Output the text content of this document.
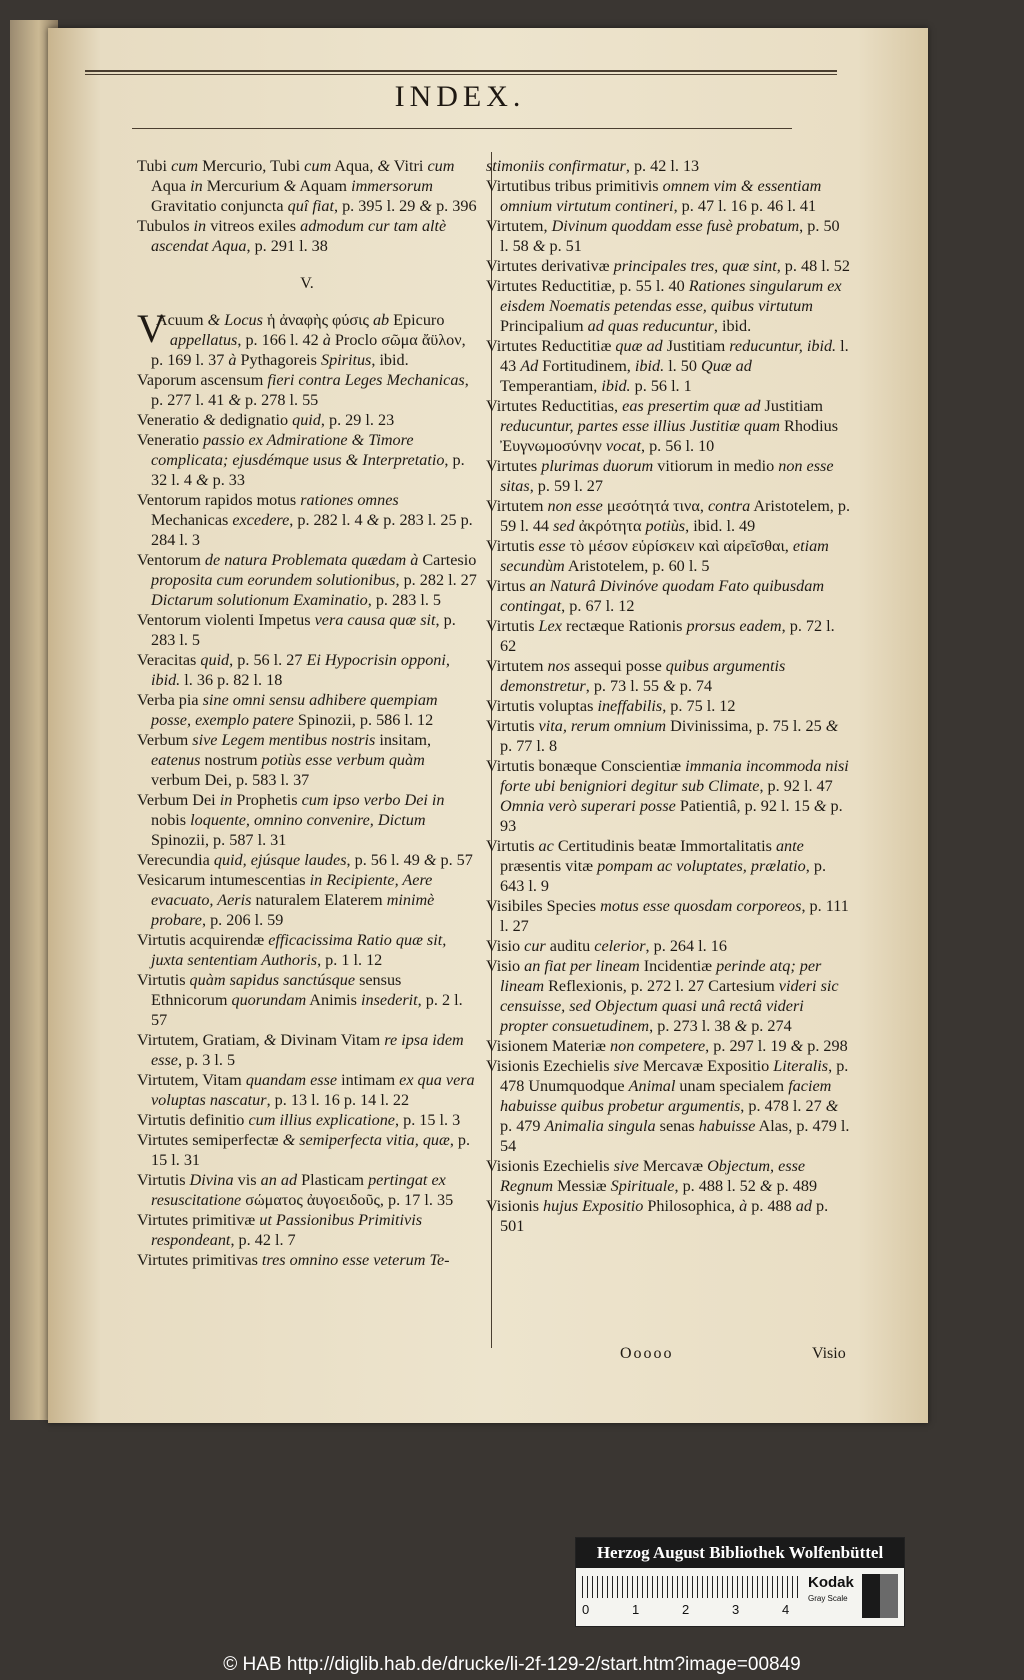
INDEX.

Tubi cum Mercurio, Tubi cum Aqua, & Vitri cum Aqua in Mercurium & Aquam immersorum Gravitatio conjuncta quî fiat, p. 395 l. 29 & p. 396

Tubulos in vitreos exiles admodum cur tam altè ascendat Aqua, p. 291 l. 38

V.
V
Acuum & Locus ἡ ἀναφὴς φύσις ab Epicuro appellatus, p. 166 l. 42 à Proclo σῶμα ἄϋλον, p. 169 l. 37 à Pythagoreis Spiritus, ibid.

Vaporum ascensum fieri contra Leges Mechanicas, p. 277 l. 41 & p. 278 l. 55

Veneratio & dedignatio quid, p. 29 l. 23

Veneratio passio ex Admiratione & Timore complicata; ejusdémque usus & Interpretatio, p. 32 l. 4 & p. 33

Ventorum rapidos motus rationes omnes Mechanicas excedere, p. 282 l. 4 & p. 283 l. 25 p. 284 l. 3

Ventorum de natura Problemata quædam à Cartesio proposita cum eorundem solutionibus, p. 282 l. 27 Dictarum solutionum Examinatio, p. 283 l. 5

Ventorum violenti Impetus vera causa quæ sit, p. 283 l. 5

Veracitas quid, p. 56 l. 27 Ei Hypocrisin opponi, ibid. l. 36 p. 82 l. 18

Verba pia sine omni sensu adhibere quempiam posse, exemplo patere Spinozii, p. 586 l. 12

Verbum sive Legem mentibus nostris insitam, eatenus nostrum potiùs esse verbum quàm verbum Dei, p. 583 l. 37

Verbum Dei in Prophetis cum ipso verbo Dei in nobis loquente, omnino convenire, Dictum Spinozii, p. 587 l. 31

Verecundia quid, ejúsque laudes, p. 56 l. 49 & p. 57

Vesicarum intumescentias in Recipiente, Aere evacuato, Aeris naturalem Elaterem minimè probare, p. 206 l. 59

Virtutis acquirendæ efficacissima Ratio quæ sit, juxta sententiam Authoris, p. 1 l. 12

Virtutis quàm sapidus sanctúsque sensus Ethnicorum quorundam Animis insederit, p. 2 l. 57

Virtutem, Gratiam, & Divinam Vitam re ipsa idem esse, p. 3 l. 5

Virtutem, Vitam quandam esse intimam ex qua vera voluptas nascatur, p. 13 l. 16 p. 14 l. 22

Virtutis definitio cum illius explicatione, p. 15 l. 3

Virtutes semiperfectæ & semiperfecta vitia, quæ, p. 15 l. 31

Virtutis Divina vis an ad Plasticam pertingat ex resuscitatione σώματος ἀυγοειδοῦς, p. 17 l. 35

Virtutes primitivæ ut Passionibus Primitivis respondeant, p. 42 l. 7

Virtutes primitivas tres omnino esse veterum Te-

stimoniis confirmatur, p. 42 l. 13

Virtutibus tribus primitivis omnem vim & essentiam omnium virtutum contineri, p. 47 l. 16 p. 46 l. 41

Virtutem, Divinum quoddam esse fusè probatum, p. 50 l. 58 & p. 51

Virtutes derivativæ principales tres, quæ sint, p. 48 l. 52

Virtutes Reductitiæ, p. 55 l. 40 Rationes singularum ex eisdem Noematis petendas esse, quibus virtutum Principalium ad quas reducuntur, ibid.

Virtutes Reductitiæ quæ ad Justitiam reducuntur, ibid. l. 43 Ad Fortitudinem, ibid. l. 50 Quæ ad Temperantiam, ibid. p. 56 l. 1

Virtutes Reductitias, eas presertim quæ ad Justitiam reducuntur, partes esse illius Justitiæ quam Rhodius Ἐυγνωμοσύνην vocat, p. 56 l. 10

Virtutes plurimas duorum vitiorum in medio non esse sitas, p. 59 l. 27

Virtutem non esse μεσότητά τινα, contra Aristotelem, p. 59 l. 44 sed ἀκρότητα potiùs, ibid. l. 49

Virtutis esse τὸ μέσον εὑρίσκειν καὶ αἱρεῖσθαι, etiam secundùm Aristotelem, p. 60 l. 5

Virtus an Naturâ Divinóve quodam Fato quibusdam contingat, p. 67 l. 12

Virtutis Lex rectæque Rationis prorsus eadem, p. 72 l. 62

Virtutem nos assequi posse quibus argumentis demonstretur, p. 73 l. 55 & p. 74

Virtutis voluptas ineffabilis, p. 75 l. 12

Virtutis vita, rerum omnium Divinissima, p. 75 l. 25 & p. 77 l. 8

Virtutis bonæque Conscientiæ immania incommoda nisi forte ubi benigniori degitur sub Climate, p. 92 l. 47 Omnia verò superari posse Patientiâ, p. 92 l. 15 & p. 93

Virtutis ac Certitudinis beatæ Immortalitatis ante præsentis vitæ pompam ac voluptates, prælatio, p. 643 l. 9

Visibiles Species motus esse quosdam corporeos, p. 111 l. 27

Visio cur auditu celerior, p. 264 l. 16

Visio an fiat per lineam Incidentiæ perinde atq; per lineam Reflexionis, p. 272 l. 27 Cartesium videri sic censuisse, sed Objectum quasi unâ rectâ videri propter consuetudinem, p. 273 l. 38 & p. 274

Visionem Materiæ non competere, p. 297 l. 19 & p. 298

Visionis Ezechielis sive Mercavæ Expositio Literalis, p. 478 Unumquodque Animal unam specialem faciem habuisse quibus probetur argumentis, p. 478 l. 27 & p. 479 Animalia singula senas habuisse Alas, p. 479 l. 54

Visionis Ezechielis sive Mercavæ Objectum, esse Regnum Messiæ Spirituale, p. 488 l. 52 & p. 489

Visionis hujus Expositio Philosophica, à p. 488 ad p. 501

Ooooo	Visio
Herzog August Bibliothek Wolfenbüttel
0	1	2	3	4
Kodak
Gray Scale
© HAB http://diglib.hab.de/drucke/li-2f-129-2/start.htm?image=00849
